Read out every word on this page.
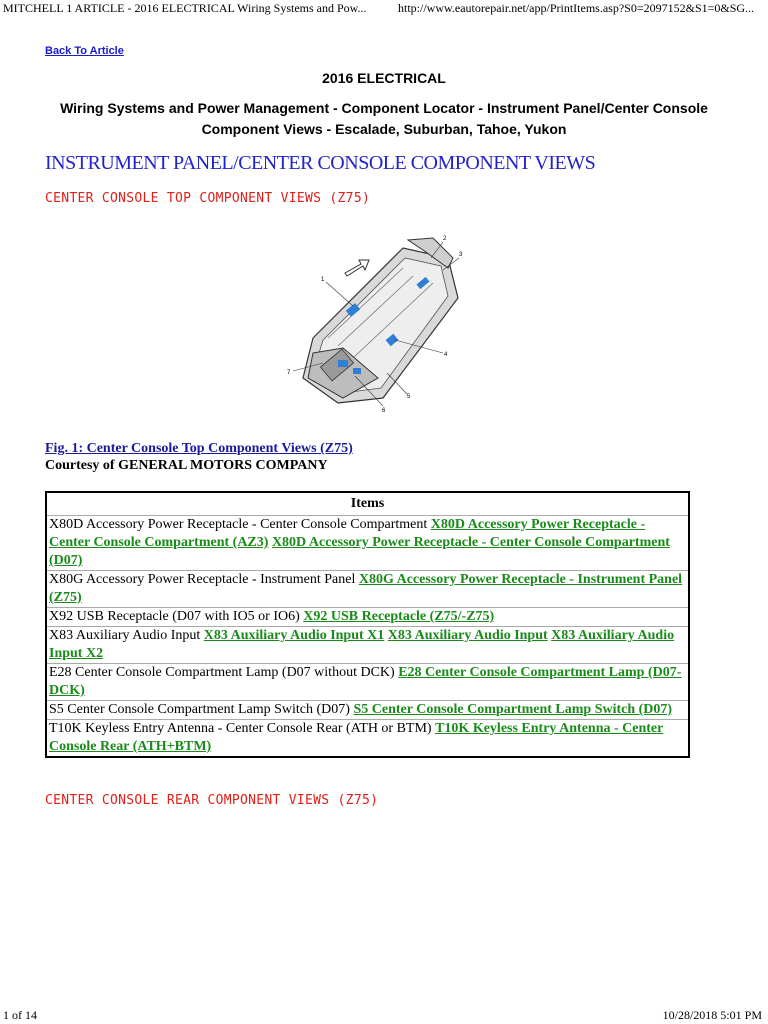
MITCHELL 1 ARTICLE - 2016 ELECTRICAL Wiring Systems and Pow...	http://www.eautorepair.net/app/PrintItems.asp?S0=2097152&S1=0&SG...
Back To Article
2016 ELECTRICAL
Wiring Systems and Power Management - Component Locator - Instrument Panel/Center Console Component Views - Escalade, Suburban, Tahoe, Yukon
INSTRUMENT PANEL/CENTER CONSOLE COMPONENT VIEWS
CENTER CONSOLE TOP COMPONENT VIEWS (Z75)
1
2
3
4
5
6
7
Fig. 1: Center Console Top Component Views (Z75)
Courtesy of GENERAL MOTORS COMPANY
Items
X80D Accessory Power Receptacle - Center Console Compartment X80D Accessory Power Receptacle - Center Console Compartment (AZ3) X80D Accessory Power Receptacle - Center Console Compartment (D07)
X80G Accessory Power Receptacle - Instrument Panel X80G Accessory Power Receptacle - Instrument Panel (Z75)
X92 USB Receptacle (D07 with IO5 or IO6) X92 USB Receptacle (Z75/-Z75)
X83 Auxiliary Audio Input X83 Auxiliary Audio Input X1 X83 Auxiliary Audio Input X83 Auxiliary Audio Input X2
E28 Center Console Compartment Lamp (D07 without DCK) E28 Center Console Compartment Lamp (D07-DCK)
S5 Center Console Compartment Lamp Switch (D07) S5 Center Console Compartment Lamp Switch (D07)
T10K Keyless Entry Antenna - Center Console Rear (ATH or BTM) T10K Keyless Entry Antenna - Center Console Rear (ATH+BTM)
CENTER CONSOLE REAR COMPONENT VIEWS (Z75)
1 of 14	10/28/2018 5:01 PM
